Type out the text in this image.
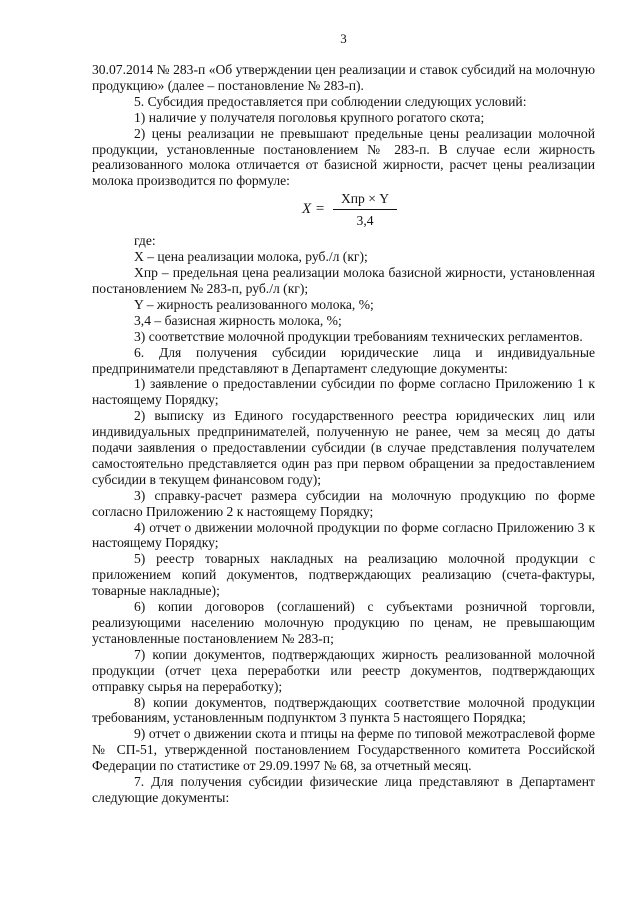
3

30.07.2014 № 283-п «Об утверждении цен реализации и ставок субсидий на молочную продукцию» (далее – постановление № 283-п).

5. Субсидия предоставляется при соблюдении следующих условий:

1) наличие у получателя поголовья крупного рогатого скота;

2) цены реализации не превышают предельные цены реализации молочной продукции, установленные постановлением № 283-п. В случае если жирность реализованного молока отличается от базисной жирности, расчет цены реализации молока производится по формуле:

$X = \frac{\text{Xпр × Y}}{3,4}$

где:

X – цена реализации молока, руб./л (кг);

Хпр – предельная цена реализации молока базисной жирности, установленная постановлением № 283-п, руб./л (кг);

Y – жирность реализованного молока, %;

3,4 – базисная жирность молока, %;

3) соответствие молочной продукции требованиям технических регламентов.

6. Для получения субсидии юридические лица и индивидуальные предприниматели представляют в Департамент следующие документы:

1) заявление о предоставлении субсидии по форме согласно Приложению 1 к настоящему Порядку;

2) выписку из Единого государственного реестра юридических лиц или индивидуальных предпринимателей, полученную не ранее, чем за месяц до даты подачи заявления о предоставлении субсидии (в случае представления получателем самостоятельно представляется один раз при первом обращении за предоставлением субсидии в текущем финансовом году);

3) справку-расчет размера субсидии на молочную продукцию по форме согласно Приложению 2 к настоящему Порядку;

4) отчет о движении молочной продукции по форме согласно Приложению 3 к настоящему Порядку;

5) реестр товарных накладных на реализацию молочной продукции с приложением копий документов, подтверждающих реализацию (счета-фактуры, товарные накладные);

6) копии договоров (соглашений) с субъектами розничной торговли, реализующими населению молочную продукцию по ценам, не превышающим установленные постановлением № 283-п;

7) копии документов, подтверждающих жирность реализованной молочной продукции (отчет цеха переработки или реестр документов, подтверждающих отправку сырья на переработку);

8) копии документов, подтверждающих соответствие молочной продукции требованиям, установленным подпунктом 3 пункта 5 настоящего Порядка;

9) отчет о движении скота и птицы на ферме по типовой межотраслевой форме № СП-51, утвержденной постановлением Государственного комитета Российской Федерации по статистике от 29.09.1997 № 68, за отчетный месяц.

7. Для получения субсидии физические лица представляют в Департамент следующие документы:
